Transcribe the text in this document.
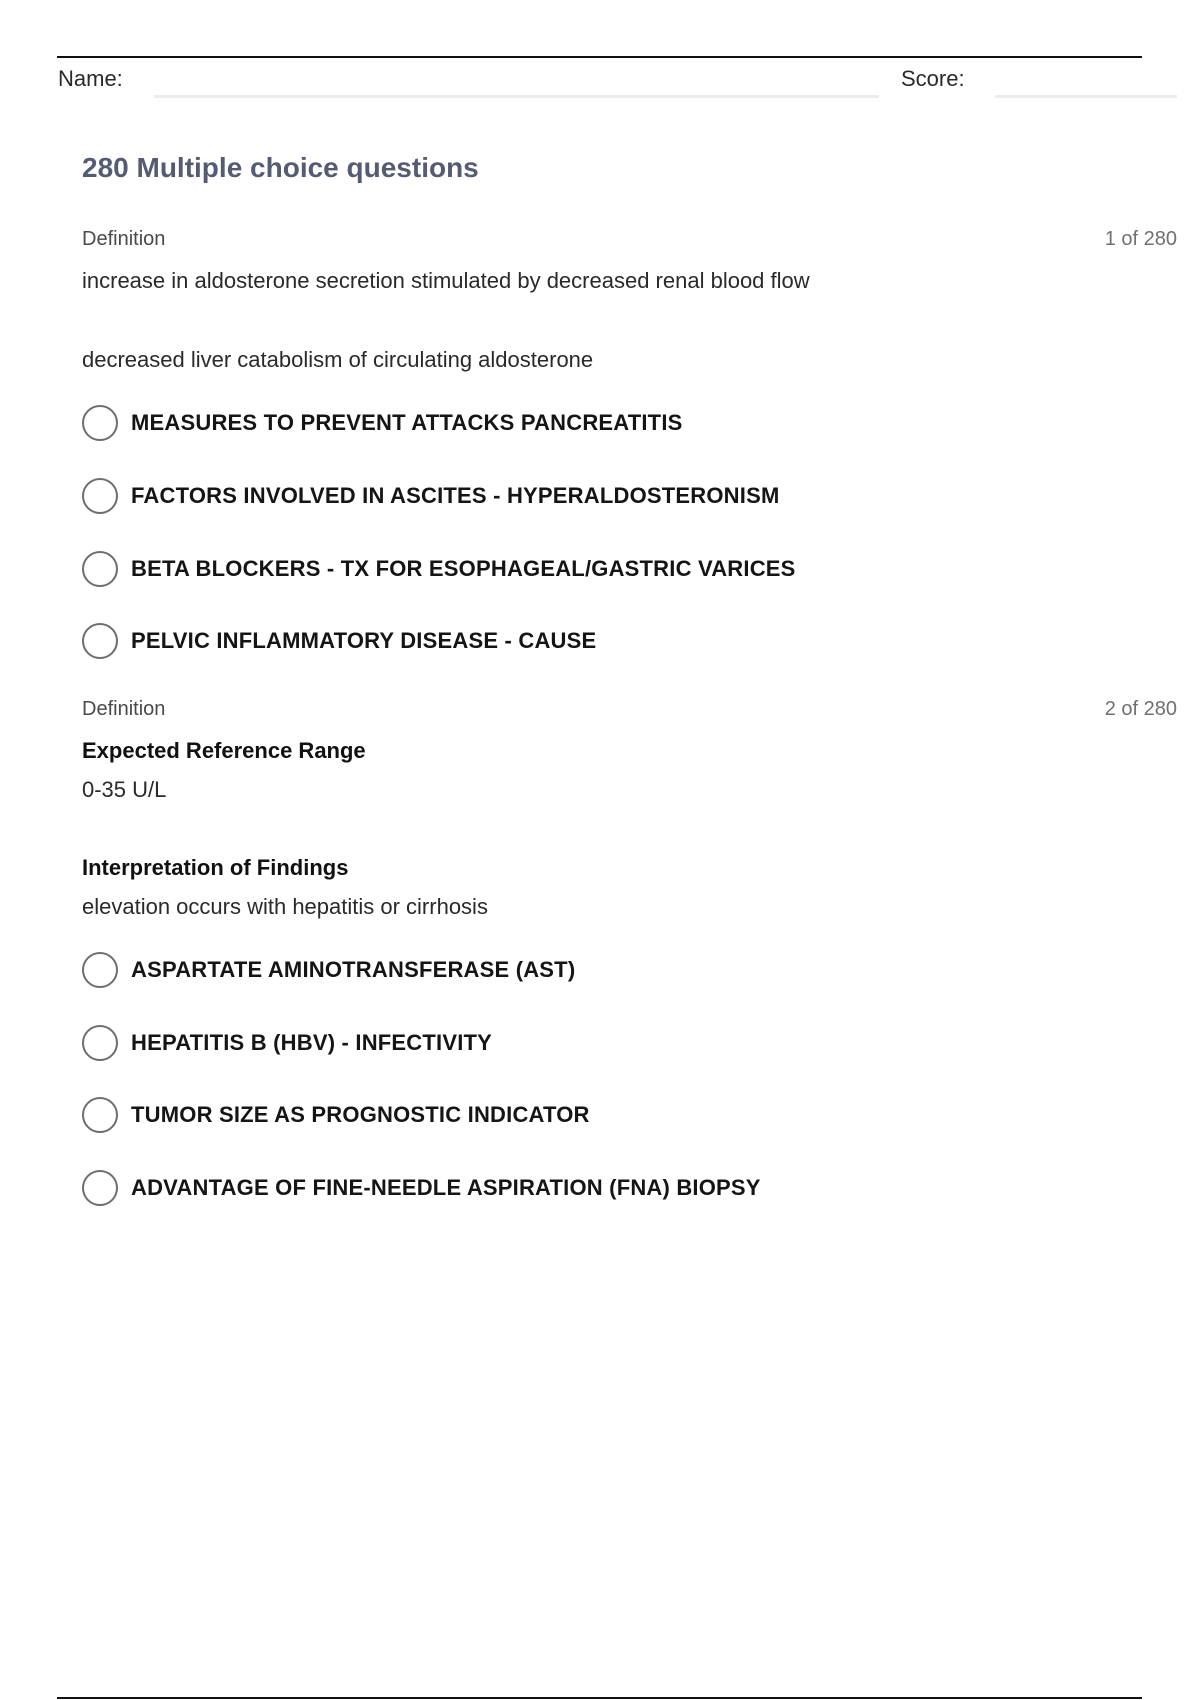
Name:	Score:
280 Multiple choice questions
Definition	1 of 280

increase in aldosterone secretion stimulated by decreased renal blood flow

decreased liver catabolism of circulating aldosterone

MEASURES TO PREVENT ATTACKS PANCREATITIS
FACTORS INVOLVED IN ASCITES - HYPERALDOSTERONISM
BETA BLOCKERS - TX FOR ESOPHAGEAL/GASTRIC VARICES
PELVIC INFLAMMATORY DISEASE - CAUSE
Definition	2 of 280

Expected Reference Range

0-35 U/L

Interpretation of Findings

elevation occurs with hepatitis or cirrhosis

ASPARTATE AMINOTRANSFERASE (AST)
HEPATITIS B (HBV) - INFECTIVITY
TUMOR SIZE AS PROGNOSTIC INDICATOR
ADVANTAGE OF FINE-NEEDLE ASPIRATION (FNA) BIOPSY
